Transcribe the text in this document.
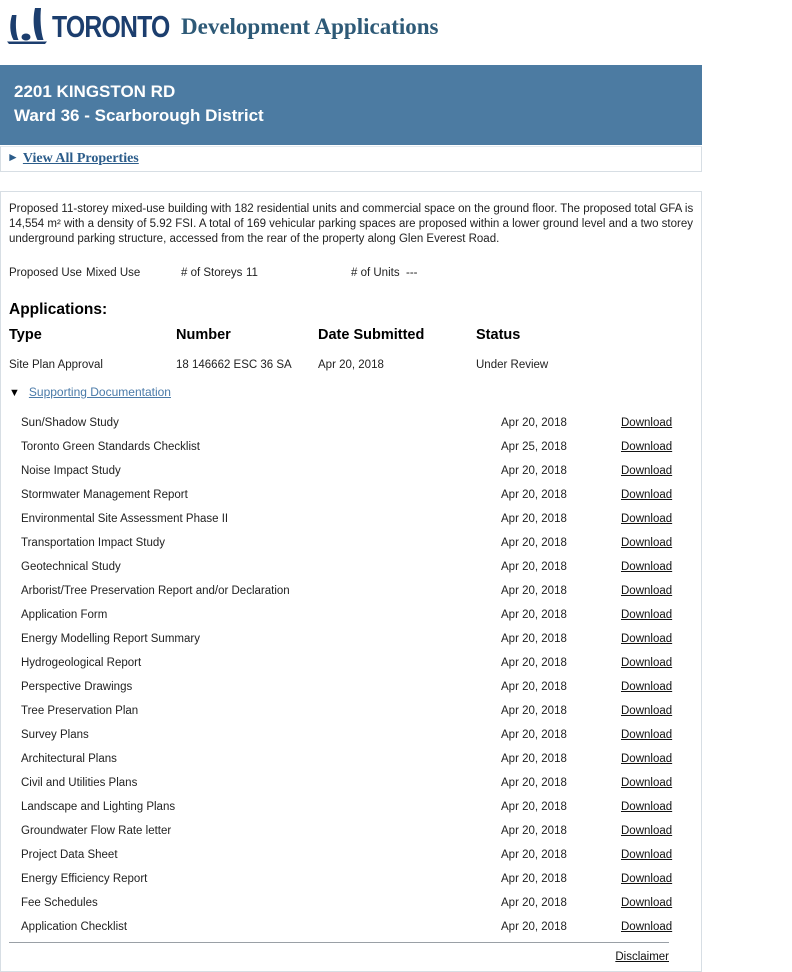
TORONTO Development Applications
2201 KINGSTON RD
Ward 36 - Scarborough District
► View All Properties
Proposed 11-storey mixed-use building with 182 residential units and commercial space on the ground floor. The proposed total GFA is 14,554 m² with a density of 5.92 FSI. A total of 169 vehicular parking spaces are proposed within a lower ground level and a two storey underground parking structure, accessed from the rear of the property along Glen Everest Road.
Proposed Use Mixed Use	# of Storeys 11	# of Units ---
Applications:
Type	Number	Date Submitted	Status
Site Plan Approval	18 146662 ESC 36 SA	Apr 20, 2018	Under Review
▼ Supporting Documentation
Sun/Shadow Study	Apr 20, 2018	Download
Toronto Green Standards Checklist	Apr 25, 2018	Download
Noise Impact Study	Apr 20, 2018	Download
Stormwater Management Report	Apr 20, 2018	Download
Environmental Site Assessment Phase II	Apr 20, 2018	Download
Transportation Impact Study	Apr 20, 2018	Download
Geotechnical Study	Apr 20, 2018	Download
Arborist/Tree Preservation Report and/or Declaration	Apr 20, 2018	Download
Application Form	Apr 20, 2018	Download
Energy Modelling Report Summary	Apr 20, 2018	Download
Hydrogeological Report	Apr 20, 2018	Download
Perspective Drawings	Apr 20, 2018	Download
Tree Preservation Plan	Apr 20, 2018	Download
Survey Plans	Apr 20, 2018	Download
Architectural Plans	Apr 20, 2018	Download
Civil and Utilities Plans	Apr 20, 2018	Download
Landscape and Lighting Plans	Apr 20, 2018	Download
Groundwater Flow Rate letter	Apr 20, 2018	Download
Project Data Sheet	Apr 20, 2018	Download
Energy Efficiency Report	Apr 20, 2018	Download
Fee Schedules	Apr 20, 2018	Download
Application Checklist	Apr 20, 2018	Download
Disclaimer
